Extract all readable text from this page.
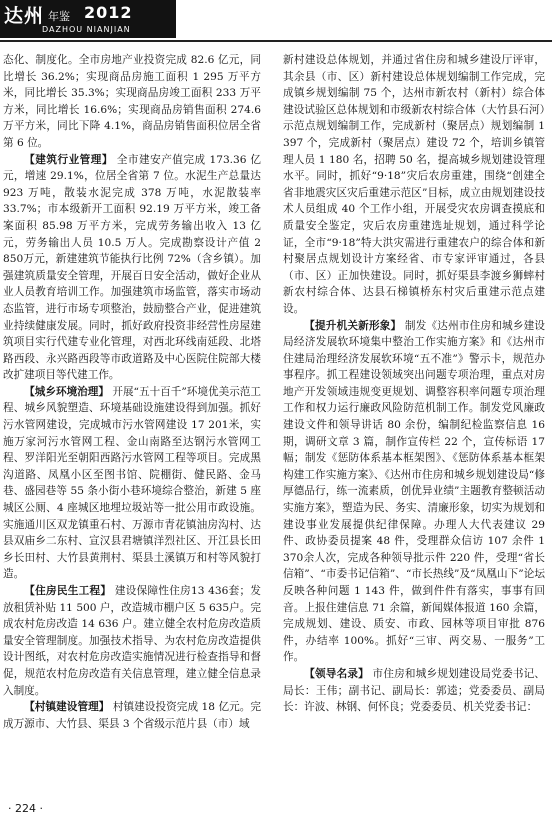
达州 年鉴 2012
DAZHOU NIANJIAN

态化、制度化。全市房地产业投资完成 82.6 亿元，同比增长 36.2%；实现商品房施工面积 1 295 万平方米，同比增长 35.3%；实现商品房竣工面积 233 万平方米，同比增长 16.6%；实现商品房销售面积 274.6 万平方米，同比下降 4.1%，商品房销售面积位居全省第 6 位。

【建筑行业管理】 全市建安产值完成 173.36 亿元，增速 29.1%，位居全省第 7 位。水泥生产总量达 923 万吨，散装水泥完成 378 万吨，水泥散装率 33.7%；市本级新开工面积 92.19 万平方米，竣工备案面积 85.98 万平方米，完成劳务输出收入 13 亿元，劳务输出人员 10.5 万人。完成勘察设计产值 2 850万元，新建建筑节能执行比例 72%（含乡镇）。加强建筑质量安全管理，开展百日安全活动，做好企业从业人员教育培训工作。加强建筑市场监管，落实市场动态监管，进行市场专项整治，鼓励整合产业，促进建筑业持续健康发展。同时，抓好政府投资非经营性房屋建筑项目实行代建专业化管理，对西北环线南延段、北塔路西段、永兴路西段等市政道路及中心医院住院部大楼改扩建项目等代建工作。

【城乡环境治理】 开展“五十百千”环境优美示范工程、城乡风貌塑造、环境基础设施建设得到加强。抓好污水管网建设，完成城市污水管网建设 17 201米，实施万家河污水管网工程、金山南路至达钢污水管网工程、罗洋阳光至朝阳西路污水管网工程等项目。完成黑沟道路、凤凰小区至图书馆、院棚街、健民路、金马巷、盛园巷等 55 条小街小巷环境综合整治，新建 5 座城区公厕、4 座城区地埋垃圾站等一批公用市政设施。实施通川区双龙镇重石村、万源市青花镇油房沟村、达县双庙乡二东村、宣汉县君塘镇洋烈社区、开江县长田乡长田村、大竹县黄荆村、渠县土溪镇万和村等风貌打造。

【住房民生工程】 建设保障性住房13 436套；发放租赁补贴 11 500 户，改造城市棚户区 5 635户。完成农村危房改造 14 636 户。建立健全农村危房改造质量安全管理制度。加强技术指导、为农村危房改造提供设计图纸，对农村危房改造实施情况进行检查指导和督促，规范农村危房改造有关信息管理，建立健全信息录入制度。

【村镇建设管理】 村镇建设投资完成 18 亿元。完成万源市、大竹县、渠县 3 个省级示范片县（市）域

新村建设总体规划，并通过省住房和城乡建设厅评审，其余县（市、区）新村建设总体规划编制工作完成，完成镇乡规划编制 75 个，达州市新农村（新村）综合体建设试验区总体规划和市级新农村综合体（大竹县石河）示范点规划编制工作，完成新村（聚居点）规划编制 1 397 个，完成新村（聚居点）建设 72 个，培训乡镇管理人员 1 180 名，招聘 50 名，提高城乡规划建设管理水平。同时，抓好“9·18”灾后农房重建，围绕“创建全省非地震灾区灾后重建示范区”目标，成立由规划建设技术人员组成 40 个工作小组，开展受灾农房调查摸底和质量安全鉴定，灾后农房重建选址规划，通过科学论证，全市“9·18”特大洪灾需进行重建农户的综合体和新村聚居点规划设计方案经省、市专家评审通过，各县（市、区）正加快建设。同时，抓好渠县李渡乡狮蟀村新农村综合体、达县石梯镇桥东村灾后重建示范点建设。

【提升机关新形象】 制发《达州市住房和城乡建设局经济发展软环境集中整治工作实施方案》和《达州市住建局治理经济发展软环境“五不准”》警示卡，规范办事程序。抓工程建设领域突出问题专项治理，重点对房地产开发领域违规变更规划、调整容积率问题专项治理工作和权力运行廉政风险防范机制工作。制发党风廉政建设文件和领导讲话 80 余份，编制纪检监察信息 16 期，调研文章 3 篇，制作宣传栏 22 个，宣传标语 17 幅；制发《惩防体系基本框架图》、《惩防体系基本框架构建工作实施方案》、《达州市住房和城乡规划建设局“修厚德品行，练一流素质，创优异业绩”主题教育整顿活动实施方案》，塑造为民、务实、清廉形象，切实为规划和建设事业发展提供纪律保障。办理人大代表建议 29 件、政协委员提案 48 件，受理群众信访 107 余件 1 370余人次，完成各种领导批示件 220 件，受理“省长信箱”、“市委书记信箱”、“市长热线”及“凤凰山下”论坛反映各种问题 1 143 件，做到件件有落实，事事有回音。上报住建信息 71 余篇，新闻媒体报道 160 余篇，完成规划、建设、质安、市政、园林等项目审批 876 件，办结率 100%。抓好“三审、两交易、一服务”工作。

【领导名录】 市住房和城乡规划建设局党委书记、局长：王伟；副书记、副局长：郭逵；党委委员、副局长：许波、林钢、何怀良；党委委员、机关党委书记：

· 224 ·
